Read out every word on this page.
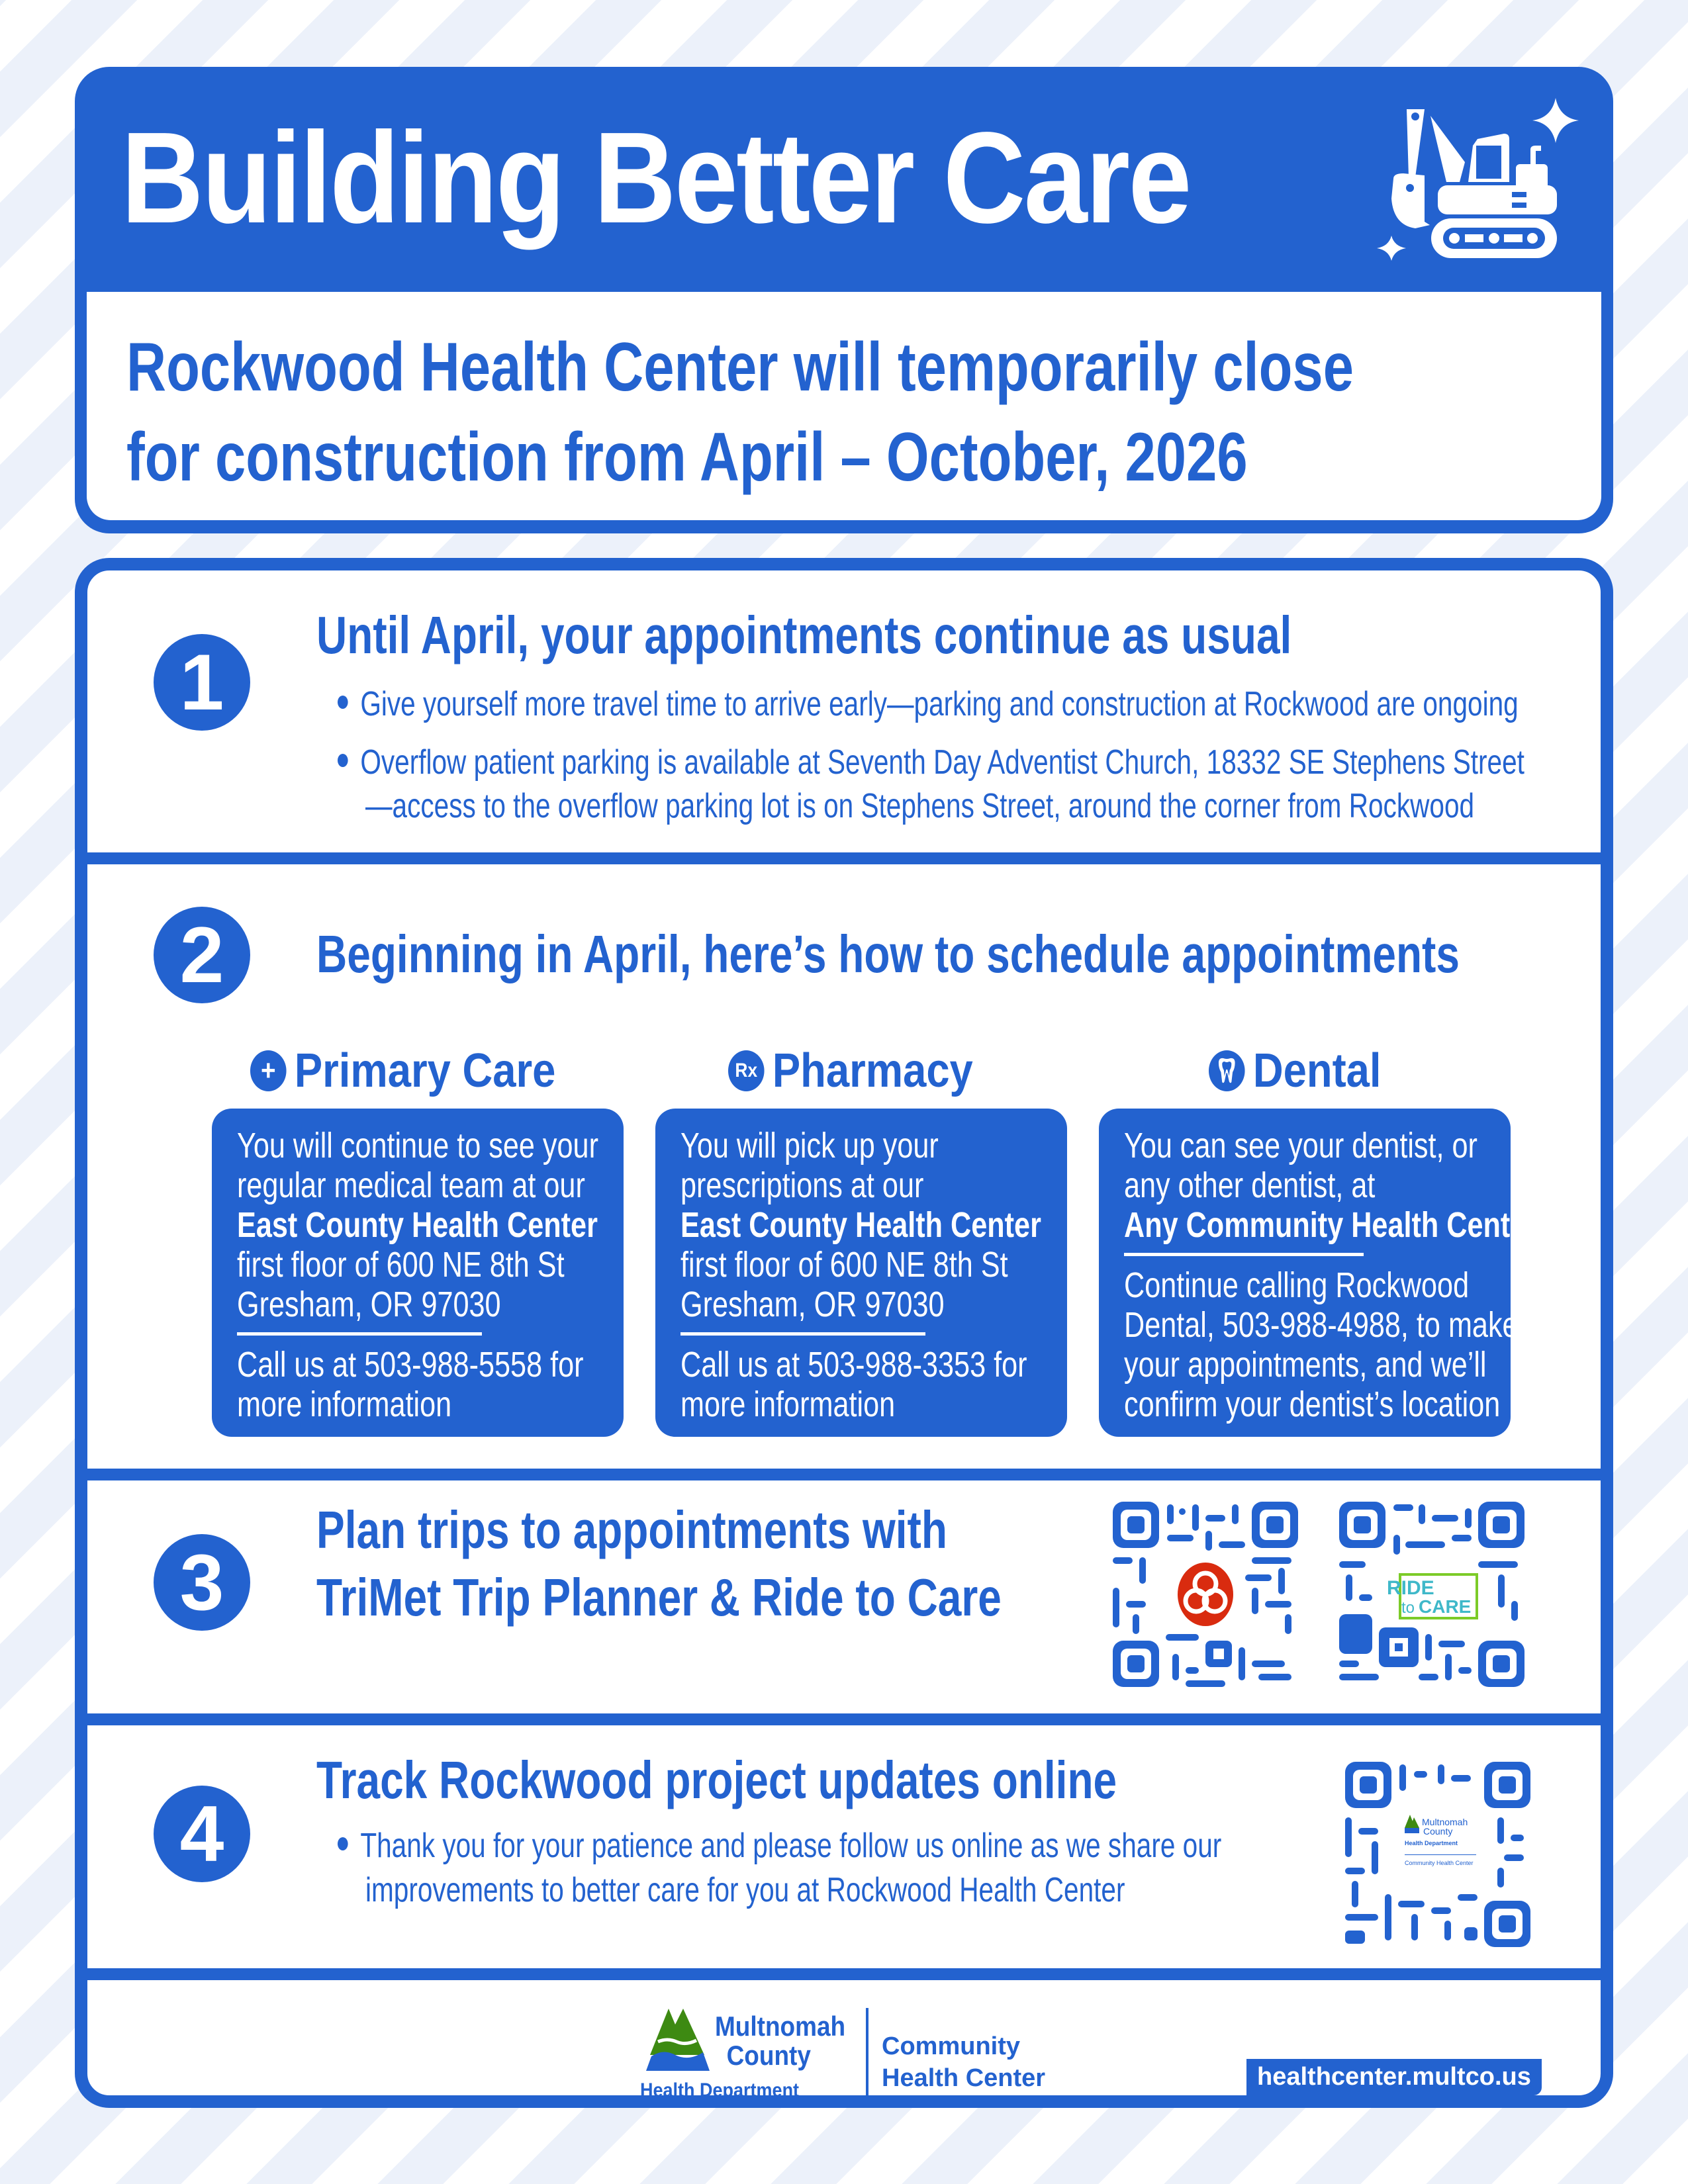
Building Better Care
Rockwood Health Center will temporarily close
for construction from April – October, 2026
1
Until April, your appointments continue as usual
Give yourself more travel time to arrive early—parking and construction at Rockwood are ongoing
Overflow patient parking is available at Seventh Day Adventist Church, 18332 SE Stephens Street
—access to the overflow parking lot is on Stephens Street, around the corner from Rockwood
2	Beginning in April, here’s how to schedule appointments
+ Primary Care
You will continue to see your
regular medical team at our
East County Health Center
first floor of 600 NE 8th St
Gresham, OR 97030
Call us at 503-988-5558 for
more information
Rx Pharmacy
You will pick up your
prescriptions at our
East County Health Center
first floor of 600 NE 8th St
Gresham, OR 97030
Call us at 503-988-3353 for
more information
Dental
You can see your dentist, or
any other dentist, at
Any Community Health Center
Continue calling Rockwood
Dental, 503-988-4988, to make
your appointments, and we’ll
confirm your dentist’s location
3
Plan trips to appointments with
TriMet Trip Planner & Ride to Care	RIDE
to CARE
4
Track Rockwood project updates online
Thank you for your patience and please follow us online as we share our
improvements to better care for you at Rockwood Health Center
Multnomah
County
Health Department
Community Health Center
Multnomah
County
Health Department
Community
Health Center	healthcenter.multco.us
